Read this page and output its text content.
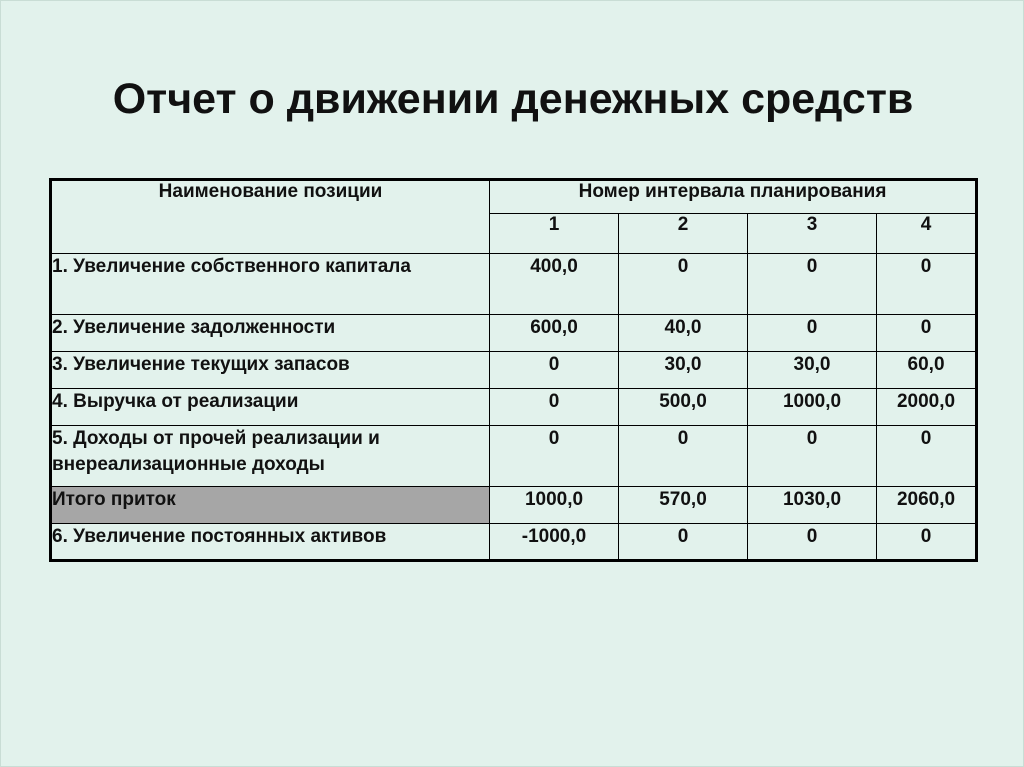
Отчет о движении денежных средств
Наименование позиции	Номер интервала планирования			
	1	2	3	4
1. Увеличение собственного капитала	400,0	0	0	0
2. Увеличение задолженности	600,0	40,0	0	0
3. Увеличение текущих запасов	0	30,0	30,0	60,0
4. Выручка от реализации	0	500,0	1000,0	2000,0
5. Доходы от прочей реализации и внереализационные доходы	0	0	0	0
Итого приток	1000,0	570,0	1030,0	2060,0
6. Увеличение постоянных активов	-1000,0	0	0	0
